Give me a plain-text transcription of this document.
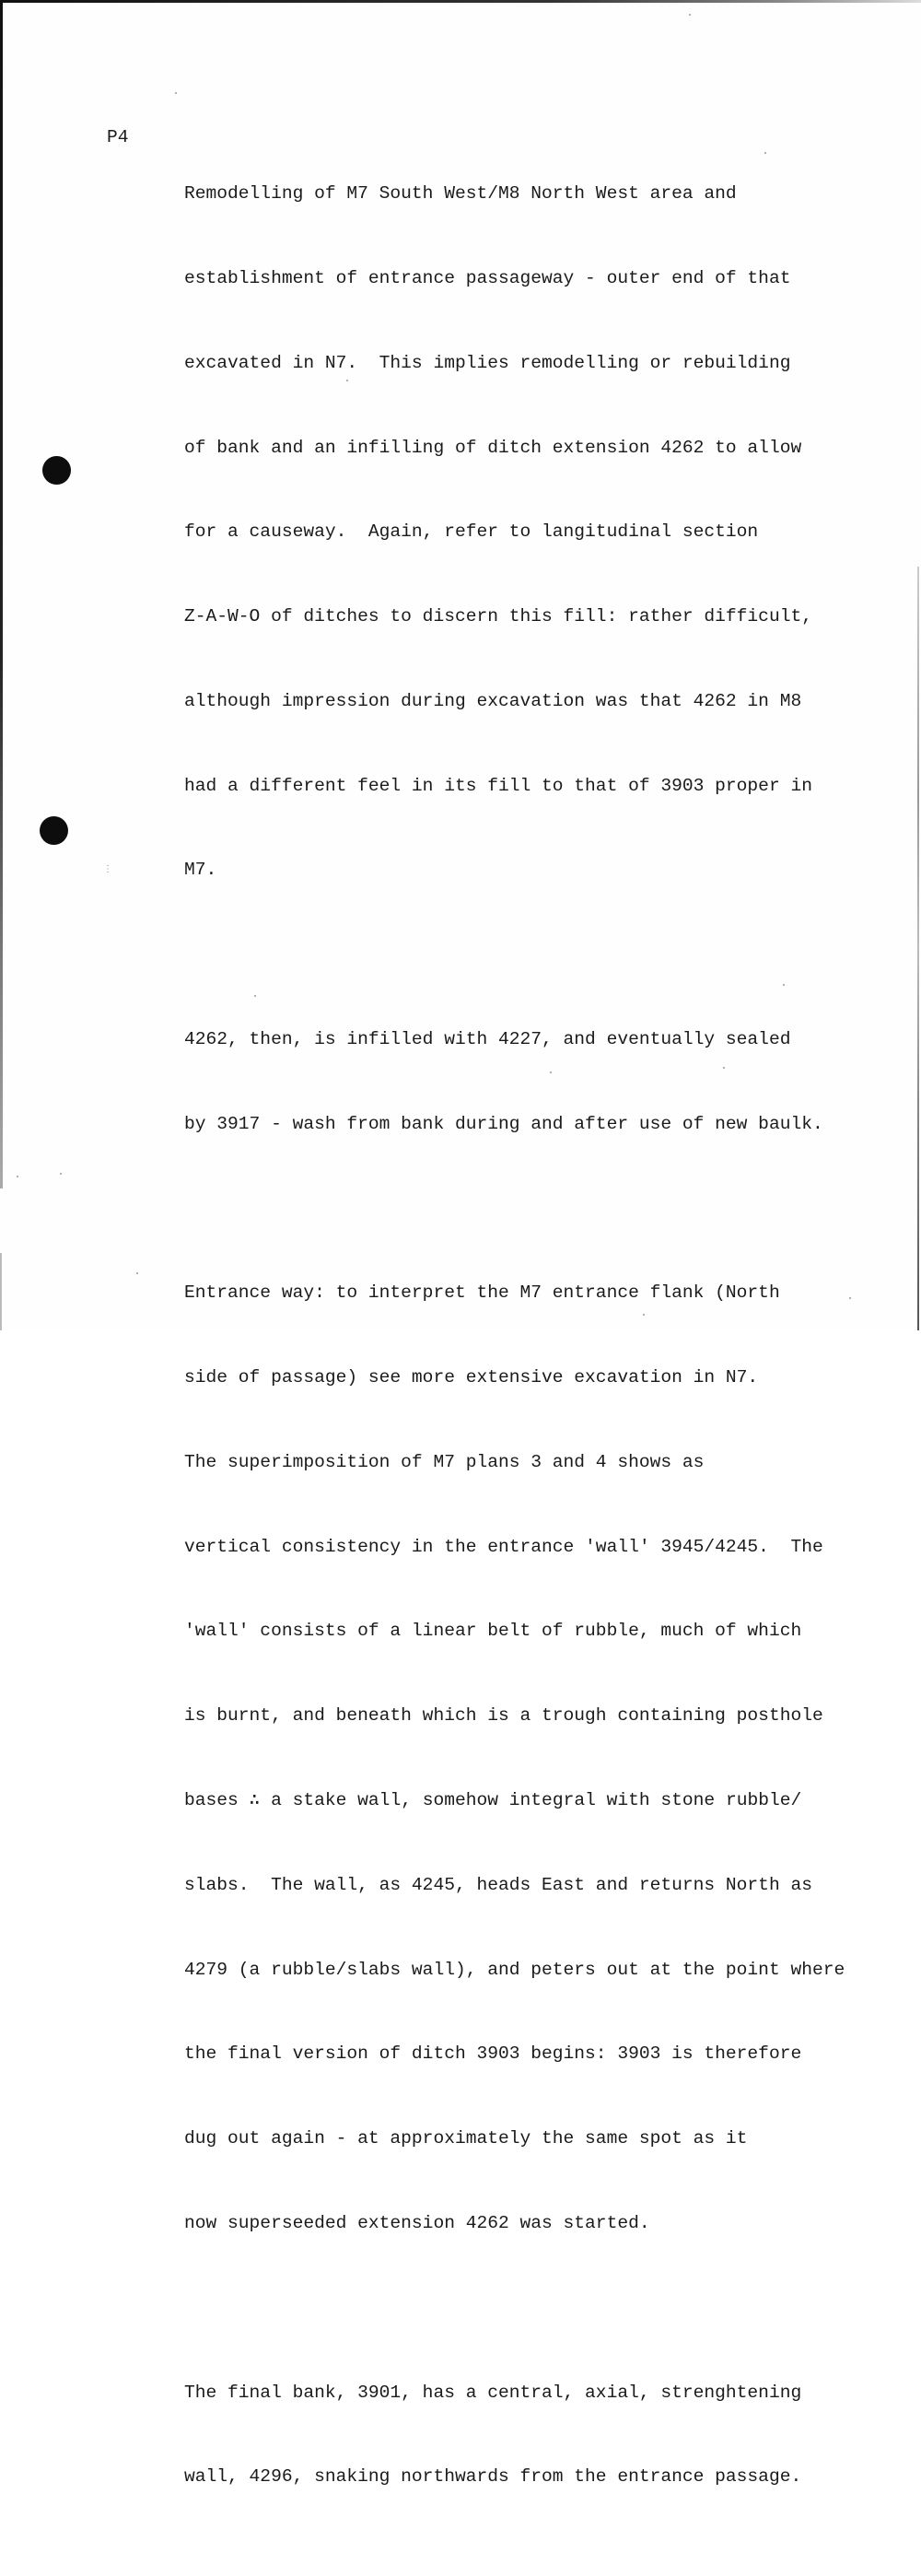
⋮
P4

Remodelling of M7 South West/M8 North West area and

establishment of entrance passageway - outer end of that

excavated in N7.  This implies remodelling or rebuilding

of bank and an infilling of ditch extension 4262 to allow

for a causeway.  Again, refer to langitudinal section

Z-A-W-O of ditches to discern this fill: rather difficult,

although impression during excavation was that 4262 in M8

had a different feel in its fill to that of 3903 proper in

M7.

4262, then, is infilled with 4227, and eventually sealed

by 3917 - wash from bank during and after use of new baulk.

Entrance way: to interpret the M7 entrance flank (North

side of passage) see more extensive excavation in N7.

The superimposition of M7 plans 3 and 4 shows as

vertical consistency in the entrance 'wall' 3945/4245.  The

'wall' consists of a linear belt of rubble, much of which

is burnt, and beneath which is a trough containing posthole

bases ∴ a stake wall, somehow integral with stone rubble/

slabs.  The wall, as 4245, heads East and returns North as

4279 (a rubble/slabs wall), and peters out at the point where

the final version of ditch 3903 begins: 3903 is therefore

dug out again - at approximately the same spot as it

now superseeded extension 4262 was started.

The final bank, 3901, has a central, axial, strenghtening

wall, 4296, snaking northwards from the entrance passage.
